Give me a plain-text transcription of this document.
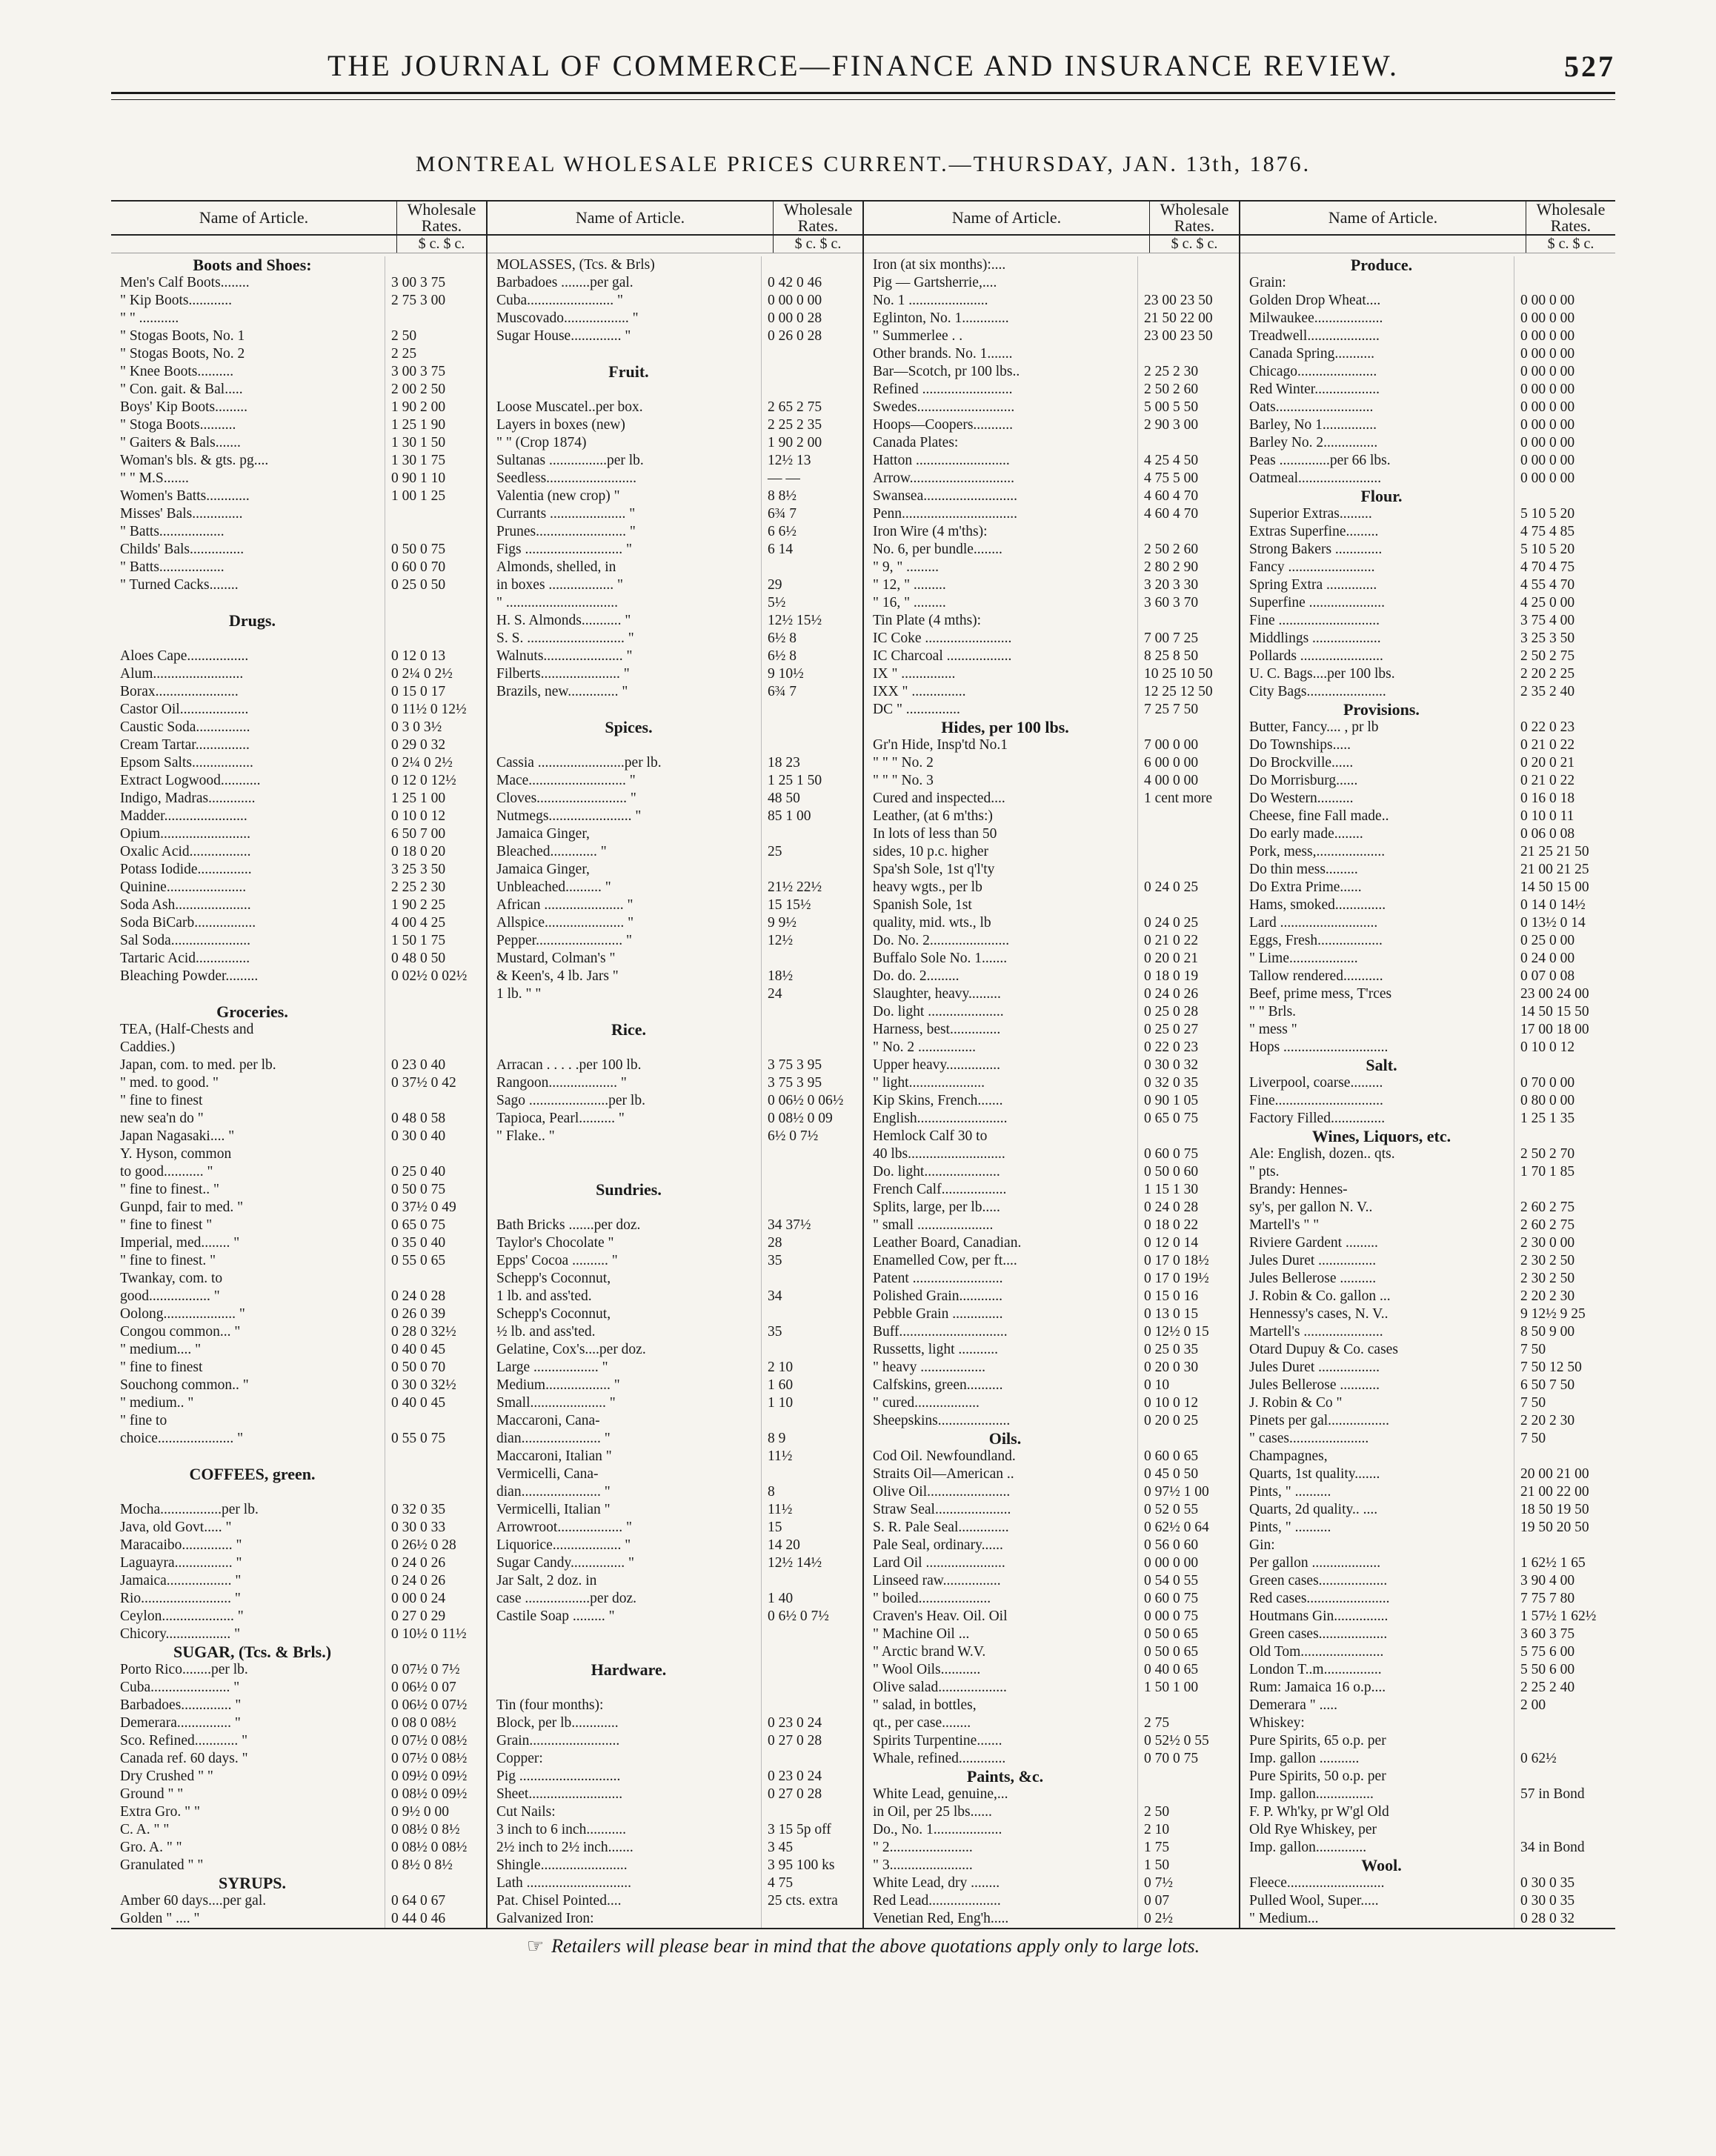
THE JOURNAL OF COMMERCE—FINANCE AND INSURANCE REVIEW.	527
MONTREAL WHOLESALE PRICES CURRENT.—THURSDAY, JAN. 13th, 1876.
Name of Article.	Wholesale Rates.
$ c. $ c.
Boots and Shoes:
Men's Calf Boots........	3 00 3 75
" Kip Boots............	2 75 3 00
" " ...........
" Stogas Boots, No. 1	2 50
" Stogas Boots, No. 2	2 25
" Knee Boots..........	3 00 3 75
" Con. gait. & Bal.....	2 00 2 50
Boys' Kip Boots.........	1 90 2 00
" Stoga Boots..........	1 25 1 90
" Gaiters & Bals.......	1 30 1 50
Woman's bls. & gts. pg....	1 30 1 75
" " M.S.......	0 90 1 10
Women's Batts............	1 00 1 25
Misses' Bals..............
" Batts..................
Childs' Bals...............	0 50 0 75
" Batts..................	0 60 0 70
" Turned Cacks........	0 25 0 50
Drugs.
Aloes Cape.................	0 12 0 13
Alum.........................	0 2¼ 0 2½
Borax.......................	0 15 0 17
Castor Oil...................	0 11½ 0 12½
Caustic Soda...............	0 3 0 3½
Cream Tartar...............	0 29 0 32
Epsom Salts.................	0 2¼ 0 2½
Extract Logwood...........	0 12 0 12½
Indigo, Madras.............	1 25 1 00
Madder.......................	0 10 0 12
Opium.........................	6 50 7 00
Oxalic Acid.................	0 18 0 20
Potass Iodide...............	3 25 3 50
Quinine......................	2 25 2 30
Soda Ash.....................	1 90 2 25
Soda BiCarb.................	4 00 4 25
Sal Soda......................	1 50 1 75
Tartaric Acid...............	0 48 0 50
Bleaching Powder.........	0 02½ 0 02½
Groceries.
TEA, (Half-Chests and
Caddies.)
Japan, com. to med. per lb.	0 23 0 40
" med. to good. "	0 37½ 0 42
" fine to finest
new sea'n do "	0 48 0 58
Japan Nagasaki.... "	0 30 0 40
Y. Hyson, common
to good........... "	0 25 0 40
" fine to finest.. "	0 50 0 75
Gunpd, fair to med. "	0 37½ 0 49
" fine to finest "	0 65 0 75
Imperial, med........ "	0 35 0 40
" fine to finest. "	0 55 0 65
Twankay, com. to
good................. "	0 24 0 28
Oolong.................... "	0 26 0 39
Congou common... "	0 28 0 32½
" medium.... "	0 40 0 45
" fine to finest	0 50 0 70
Souchong common.. "	0 30 0 32½
" medium.. "	0 40 0 45
" fine to
choice..................... "	0 55 0 75
COFFEES, green.
Mocha.................per lb.	0 32 0 35
Java, old Govt..... "	0 30 0 33
Maracaibo.............. "	0 26½ 0 28
Laguayra................ "	0 24 0 26
Jamaica.................. "	0 24 0 26
Rio......................... "	0 00 0 24
Ceylon.................... "	0 27 0 29
Chicory.................. "	0 10½ 0 11½
SUGAR, (Tcs. & Brls.)
Porto Rico........per lb.	0 07½ 0 7½
Cuba...................... "	0 06½ 0 07
Barbadoes.............. "	0 06½ 0 07½
Demerara............... "	0 08 0 08½
Sco. Refined............ "	0 07½ 0 08½
Canada ref. 60 days. "	0 07½ 0 08½
Dry Crushed " "	0 09½ 0 09½
Ground " "	0 08½ 0 09½
Extra Gro. " "	0 9½ 0 00
C. A. " "	0 08½ 0 8½
Gro. A. " "	0 08½ 0 08½
Granulated " "	0 8½ 0 8½
SYRUPS.
Amber 60 days....per gal.	0 64 0 67
Golden " .... "	0 44 0 46
Name of Article.	Wholesale Rates.
$ c. $ c.
MOLASSES, (Tcs. & Brls)
Barbadoes ........per gal.	0 42 0 46
Cuba........................ "	0 00 0 00
Muscovado.................. "	0 00 0 28
Sugar House.............. "	0 26 0 28
Fruit.
Loose Muscatel..per box.	2 65 2 75
Layers in boxes (new)	2 25 2 35
" " (Crop 1874)	1 90 2 00
Sultanas ................per lb.	12½ 13
Seedless.........................	— —
Valentia (new crop) "	8 8½
Currants ..................... "	6¾ 7
Prunes......................... "	6 6½
Figs ........................... "	6 14
Almonds, shelled, in
in boxes .................. "	29
" ...............................	5½
H. S. Almonds........... "	12½ 15½
S. S. ........................... "	6½ 8
Walnuts...................... "	6½ 8
Filberts...................... "	9 10½
Brazils, new.............. "	6¾ 7
Spices.
Cassia ........................per lb.	18 23
Mace........................... "	1 25 1 50
Cloves......................... "	48 50
Nutmegs....................... "	85 1 00
Jamaica Ginger,
Bleached............. "	25
Jamaica Ginger,
Unbleached.......... "	21½ 22½
African ...................... "	15 15½
Allspice...................... "	9 9½
Pepper........................ "	12½
Mustard, Colman's "
& Keen's, 4 lb. Jars "	18½
1 lb. " "	24
Rice.
Arracan . . . . .per 100 lb.	3 75 3 95
Rangoon................... "	3 75 3 95
Sago ......................per lb.	0 06½ 0 06½
Tapioca, Pearl.......... "	0 08½ 0 09
" Flake.. "	6½ 0 7½
Sundries.
Bath Bricks .......per doz.	34 37½
Taylor's Chocolate "	28
Epps' Cocoa .......... "	35
Schepp's Coconnut,
1 lb. and ass'ted.	34
Schepp's Coconnut,
½ lb. and ass'ted.	35
Gelatine, Cox's....per doz.
Large .................. "	2 10
Medium.................. "	1 60
Small..................... "	1 10
Maccaroni, Cana-
dian...................... "	8 9
Maccaroni, Italian "	11½
Vermicelli, Cana-
dian...................... "	8
Vermicelli, Italian "	11½
Arrowroot.................. "	15
Liquorice................... "	14 20
Sugar Candy............... "	12½ 14½
Jar Salt, 2 doz. in
case ..................per doz.	1 40
Castile Soap ......... "	0 6½ 0 7½
Hardware.
Tin (four months):
Block, per lb.............	0 23 0 24
Grain.........................	0 27 0 28
Copper:
Pig ............................	0 23 0 24
Sheet..........................	0 27 0 28
Cut Nails:
3 inch to 6 inch...........	3 15 5p off
2½ inch to 2½ inch.......	3 45
Shingle........................	3 95 100 ks
Lath .............................	4 75
Pat. Chisel Pointed....	25 cts. extra
Galvanized Iron:
Name of Article.	Wholesale Rates.
$ c. $ c.
Iron (at six months):....
Pig — Gartsherrie,....
No. 1 ......................	23 00 23 50
Eglinton, No. 1.............	21 50 22 00
" Summerlee . .	23 00 23 50
Other brands. No. 1.......
Bar—Scotch, pr 100 lbs..	2 25 2 30
Refined .........................	2 50 2 60
Swedes...........................	5 00 5 50
Hoops—Coopers...........	2 90 3 00
Canada Plates:
Hatton ..........................	4 25 4 50
Arrow.............................	4 75 5 00
Swansea..........................	4 60 4 70
Penn................................	4 60 4 70
Iron Wire (4 m'ths):
No. 6, per bundle........	2 50 2 60
" 9, " .........	2 80 2 90
" 12, " .........	3 20 3 30
" 16, " .........	3 60 3 70
Tin Plate (4 mths):
IC Coke ........................	7 00 7 25
IC Charcoal ..................	8 25 8 50
IX " ...............	10 25 10 50
IXX " ...............	12 25 12 50
DC " ...............	7 25 7 50
Hides, per 100 lbs.
Gr'n Hide, Insp'td No.1	7 00 0 00
" " " No. 2	6 00 0 00
" " " No. 3	4 00 0 00
Cured and inspected....	1 cent more
Leather, (at 6 m'ths:)
In lots of less than 50
sides, 10 p.c. higher
Spa'sh Sole, 1st q'l'ty
heavy wgts., per lb	0 24 0 25
Spanish Sole, 1st
quality, mid. wts., lb	0 24 0 25
Do. No. 2......................	0 21 0 22
Buffalo Sole No. 1.......	0 20 0 21
Do. do. 2.........	0 18 0 19
Slaughter, heavy.........	0 24 0 26
Do. light .....................	0 25 0 28
Harness, best..............	0 25 0 27
" No. 2 ................	0 22 0 23
Upper heavy...............	0 30 0 32
" light.....................	0 32 0 35
Kip Skins, French.......	0 90 1 05
English.........................	0 65 0 75
Hemlock Calf 30 to
40 lbs...........................	0 60 0 75
Do. light.....................	0 50 0 60
French Calf..................	1 15 1 30
Splits, large, per lb.....	0 24 0 28
" small .....................	0 18 0 22
Leather Board, Canadian.	0 12 0 14
Enamelled Cow, per ft....	0 17 0 18½
Patent .........................	0 17 0 19½
Polished Grain............	0 15 0 16
Pebble Grain ..............	0 13 0 15
Buff..............................	0 12½ 0 15
Russetts, light ...........	0 25 0 35
" heavy ..................	0 20 0 30
Calfskins, green..........	0 10
" cured..................	0 10 0 12
Sheepskins....................	0 20 0 25
Oils.
Cod Oil. Newfoundland.	0 60 0 65
Straits Oil—American ..	0 45 0 50
Olive Oil.......................	0 97½ 1 00
Straw Seal.....................	0 52 0 55
S. R. Pale Seal..............	0 62½ 0 64
Pale Seal, ordinary......	0 56 0 60
Lard Oil ......................	0 00 0 00
Linseed raw................	0 54 0 55
" boiled....................	0 60 0 75
Craven's Heav. Oil. Oil	0 00 0 75
" Machine Oil ...	0 50 0 65
" Arctic brand W.V.	0 50 0 65
" Wool Oils...........	0 40 0 65
Olive salad...................	1 50 1 00
" salad, in bottles,
qt., per case........	2 75
Spirits Turpentine.......	0 52½ 0 55
Whale, refined.............	0 70 0 75
Paints, &c.
White Lead, genuine,...
in Oil, per 25 lbs......	2 50
Do., No. 1...................	2 10
" 2.......................	1 75
" 3.......................	1 50
White Lead, dry ........	0 7½
Red Lead....................	0 07
Venetian Red, Eng'h.....	0 2½
Name of Article.	Wholesale Rates.
$ c. $ c.
Produce.
Grain:
Golden Drop Wheat....	0 00 0 00
Milwaukee...................	0 00 0 00
Treadwell....................	0 00 0 00
Canada Spring...........	0 00 0 00
Chicago......................	0 00 0 00
Red Winter..................	0 00 0 00
Oats...........................	0 00 0 00
Barley, No 1...............	0 00 0 00
Barley No. 2...............	0 00 0 00
Peas ..............per 66 lbs.	0 00 0 00
Oatmeal.......................	0 00 0 00
Flour.
Superior Extras.........	5 10 5 20
Extras Superfine.........	4 75 4 85
Strong Bakers .............	5 10 5 20
Fancy ........................	4 70 4 75
Spring Extra ..............	4 55 4 70
Superfine .....................	4 25 0 00
Fine ............................	3 75 4 00
Middlings ...................	3 25 3 50
Pollards .......................	2 50 2 75
U. C. Bags....per 100 lbs.	2 20 2 25
City Bags......................	2 35 2 40
Provisions.
Butter, Fancy.... , pr lb	0 22 0 23
Do Townships.....	0 21 0 22
Do Brockville......	0 20 0 21
Do Morrisburg......	0 21 0 22
Do Western..........	0 16 0 18
Cheese, fine Fall made..	0 10 0 11
Do early made........	0 06 0 08
Pork, mess,...................	21 25 21 50
Do thin mess.........	21 00 21 25
Do Extra Prime......	14 50 15 00
Hams, smoked..............	0 14 0 14½
Lard ...........................	0 13½ 0 14
Eggs, Fresh..................	0 25 0 00
" Lime...................	0 24 0 00
Tallow rendered...........	0 07 0 08
Beef, prime mess, T'rces	23 00 24 00
" " Brls.	14 50 15 50
" mess "	17 00 18 00
Hops .............................	0 10 0 12
Salt.
Liverpool, coarse.........	0 70 0 00
Fine..............................	0 80 0 00
Factory Filled...............	1 25 1 35
Wines, Liquors, etc.
Ale: English, dozen.. qts.	2 50 2 70
" pts.	1 70 1 85
Brandy: Hennes-
sy's, per gallon N. V..	2 60 2 75
Martell's " "	2 60 2 75
Riviere Gardent .........	2 30 0 00
Jules Duret ................	2 30 2 50
Jules Bellerose ..........	2 30 2 50
J. Robin & Co. gallon ...	2 20 2 30
Hennessy's cases, N. V..	9 12½ 9 25
Martell's ......................	8 50 9 00
Otard Dupuy & Co. cases	7 50
Jules Duret .................	7 50 12 50
Jules Bellerose ...........	6 50 7 50
J. Robin & Co "	7 50
Pinets per gal.................	2 20 2 30
" cases......................	7 50
Champagnes,
Quarts, 1st quality.......	20 00 21 00
Pints, " ..........	21 00 22 00
Quarts, 2d quality.. ....	18 50 19 50
Pints, " ..........	19 50 20 50
Gin:
Per gallon ...................	1 62½ 1 65
Green cases...................	3 90 4 00
Red cases.......................	7 75 7 80
Houtmans Gin...............	1 57½ 1 62½
Green cases...................	3 60 3 75
Old Tom.......................	5 75 6 00
London T..m................	5 50 6 00
Rum: Jamaica 16 o.p....	2 25 2 40
Demerara " .....	2 00
Whiskey:
Pure Spirits, 65 o.p. per
Imp. gallon ...........	0 62½
Pure Spirits, 50 o.p. per
Imp. gallon................	57 in Bond
F. P. Wh'ky, pr W'gl Old
Old Rye Whiskey, per
Imp. gallon..............	34 in Bond
Wool.
Fleece...........................	0 30 0 35
Pulled Wool, Super.....	0 30 0 35
" Medium...	0 28 0 32
☞ Retailers will please bear in mind that the above quotations apply only to large lots.
